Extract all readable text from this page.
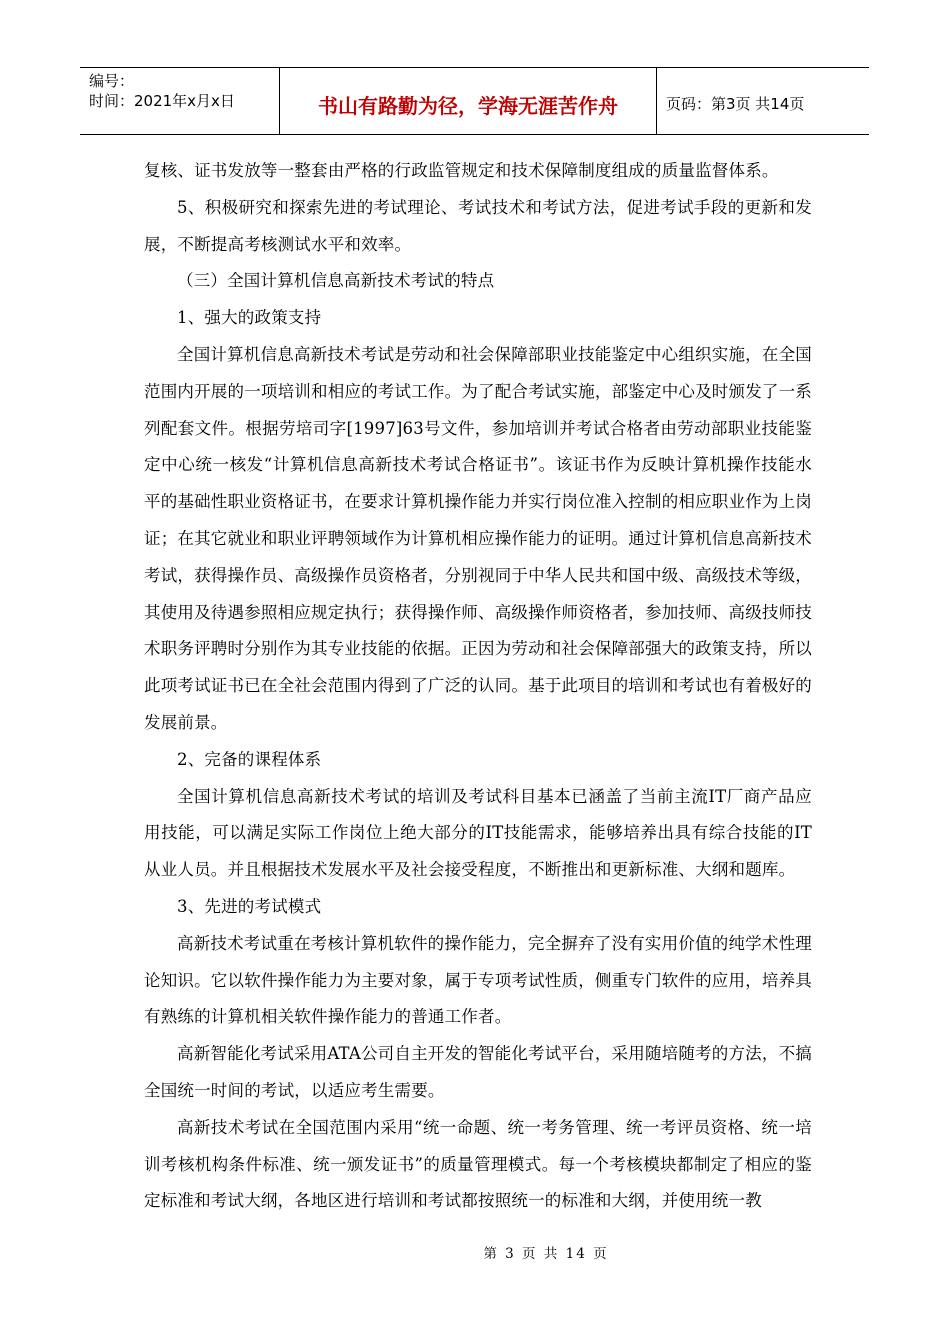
编号：
时间：2021年x月x日	书山有路勤为径，学海无涯苦作舟	页码：第3页 共14页

复核、证书发放等一整套由严格的行政监管规定和技术保障制度组成的质量监督体系。

5、积极研究和探索先进的考试理论、考试技术和考试方法，促进考试手段的更新和发展，不断提高考核测试水平和效率。

（三）全国计算机信息高新技术考试的特点

1、强大的政策支持

全国计算机信息高新技术考试是劳动和社会保障部职业技能鉴定中心组织实施，在全国范围内开展的一项培训和相应的考试工作。为了配合考试实施，部鉴定中心及时颁发了一系列配套文件。根据劳培司字[1997]63号文件，参加培训并考试合格者由劳动部职业技能鉴定中心统一核发“计算机信息高新技术考试合格证书”。该证书作为反映计算机操作技能水平的基础性职业资格证书，在要求计算机操作能力并实行岗位准入控制的相应职业作为上岗证；在其它就业和职业评聘领域作为计算机相应操作能力的证明。通过计算机信息高新技术考试，获得操作员、高级操作员资格者，分别视同于中华人民共和国中级、高级技术等级，其使用及待遇参照相应规定执行；获得操作师、高级操作师资格者，参加技师、高级技师技术职务评聘时分别作为其专业技能的依据。正因为劳动和社会保障部强大的政策支持，所以此项考试证书已在全社会范围内得到了广泛的认同。基于此项目的培训和考试也有着极好的发展前景。

2、完备的课程体系

全国计算机信息高新技术考试的培训及考试科目基本已涵盖了当前主流IT厂商产品应用技能，可以满足实际工作岗位上绝大部分的IT技能需求，能够培养出具有综合技能的IT从业人员。并且根据技术发展水平及社会接受程度，不断推出和更新标准、大纲和题库。

3、先进的考试模式

高新技术考试重在考核计算机软件的操作能力，完全摒弃了没有实用价值的纯学术性理论知识。它以软件操作能力为主要对象，属于专项考试性质，侧重专门软件的应用，培养具有熟练的计算机相关软件操作能力的普通工作者。

高新智能化考试采用ATA公司自主开发的智能化考试平台，采用随培随考的方法，不搞全国统一时间的考试，以适应考生需要。

高新技术考试在全国范围内采用“统一命题、统一考务管理、统一考评员资格、统一培训考核机构条件标准、统一颁发证书”的质量管理模式。每一个考核模块都制定了相应的鉴定标准和考试大纲，各地区进行培训和考试都按照统一的标准和大纲，并使用统一教

第 3 页 共 14 页
